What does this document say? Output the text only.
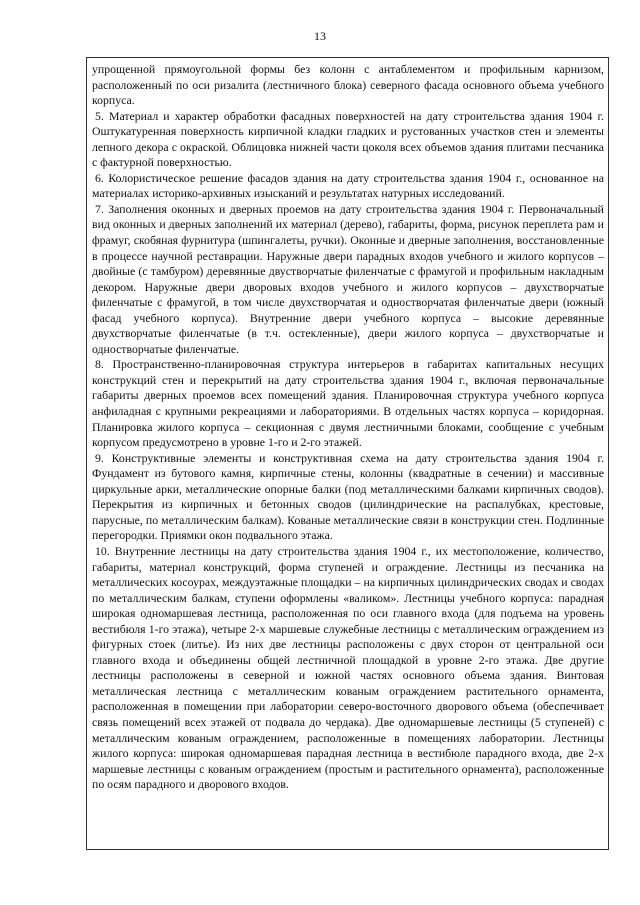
13

упрощенной прямоугольной формы без колонн с антаблементом и профильным карнизом, расположенный по оси ризалита (лестничного блока) северного фасада основного объема учебного корпуса.

5. Материал и характер обработки фасадных поверхностей на дату строительства здания 1904 г. Оштукатуренная поверхность кирпичной кладки гладких и рустованных участков стен и элементы лепного декора с окраской. Облицовка нижней части цоколя всех объемов здания плитами песчаника с фактурной поверхностью.

6. Колористическое решение фасадов здания на дату строительства здания 1904 г., основанное на материалах историко-архивных изысканий и результатах натурных исследований.

7. Заполнения оконных и дверных проемов на дату строительства здания 1904 г. Первоначальный вид оконных и дверных заполнений их материал (дерево), габариты, форма, рисунок переплета рам и фрамуг, скобяная фурнитура (шпингалеты, ручки). Оконные и дверные заполнения, восстановленные в процессе научной реставрации. Наружные двери парадных входов учебного и жилого корпусов – двойные (с тамбуром) деревянные двустворчатые филенчатые с фрамугой и профильным накладным декором. Наружные двери дворовых входов учебного и жилого корпусов – двухстворчатые филенчатые с фрамугой, в том числе двухстворчатая и одностворчатая филенчатые двери (южный фасад учебного корпуса). Внутренние двери учебного корпуса – высокие деревянные двухстворчатые филенчатые (в т.ч. остекленные), двери жилого корпуса – двухстворчатые и одностворчатые филенчатые.

8. Пространственно-планировочная структура интерьеров в габаритах капитальных несущих конструкций стен и перекрытий на дату строительства здания 1904 г., включая первоначальные габариты дверных проемов всех помещений здания. Планировочная структура учебного корпуса анфиладная с крупными рекреациями и лабораториями. В отдельных частях корпуса – коридорная. Планировка жилого корпуса – секционная с двумя лестничными блоками, сообщение с учебным корпусом предусмотрено в уровне 1-го и 2-го этажей.

9. Конструктивные элементы и конструктивная схема на дату строительства здания 1904 г. Фундамент из бутового камня, кирпичные стены, колонны (квадратные в сечении) и массивные циркульные арки, металлические опорные балки (под металлическими балками кирпичных сводов). Перекрытия из кирпичных и бетонных сводов (цилиндрические на распалубках, крестовые, парусные, по металлическим балкам). Кованые металлические связи в конструкции стен. Подлинные перегородки. Приямки окон подвального этажа.

10. Внутренние лестницы на дату строительства здания 1904 г., их местоположение, количество, габариты, материал конструкций, форма ступеней и ограждение. Лестницы из песчаника на металлических косоурах, междуэтажные площадки – на кирпичных цилиндрических сводах и сводах по металлическим балкам, ступени оформлены «валиком». Лестницы учебного корпуса: парадная широкая одномаршевая лестница, расположенная по оси главного входа (для подъема на уровень вестибюля 1-го этажа), четыре 2-х маршевые служебные лестницы с металлическим ограждением из фигурных стоек (литье). Из них две лестницы расположены с двух сторон от центральной оси главного входа и объединены общей лестничной площадкой в уровне 2-го этажа. Две другие лестницы расположены в северной и южной частях основного объема здания. Винтовая металлическая лестница с металлическим кованым ограждением растительного орнамента, расположенная в помещении при лаборатории северо-восточного дворового объема (обеспечивает связь помещений всех этажей от подвала до чердака). Две одномаршевые лестницы (5 ступеней) с металлическим кованым ограждением, расположенные в помещениях лаборатории. Лестницы жилого корпуса: широкая одномаршевая парадная лестница в вестибюле парадного входа, две 2-х маршевые лестницы с кованым ограждением (простым и растительного орнамента), расположенные по осям парадного и дворового входов.
